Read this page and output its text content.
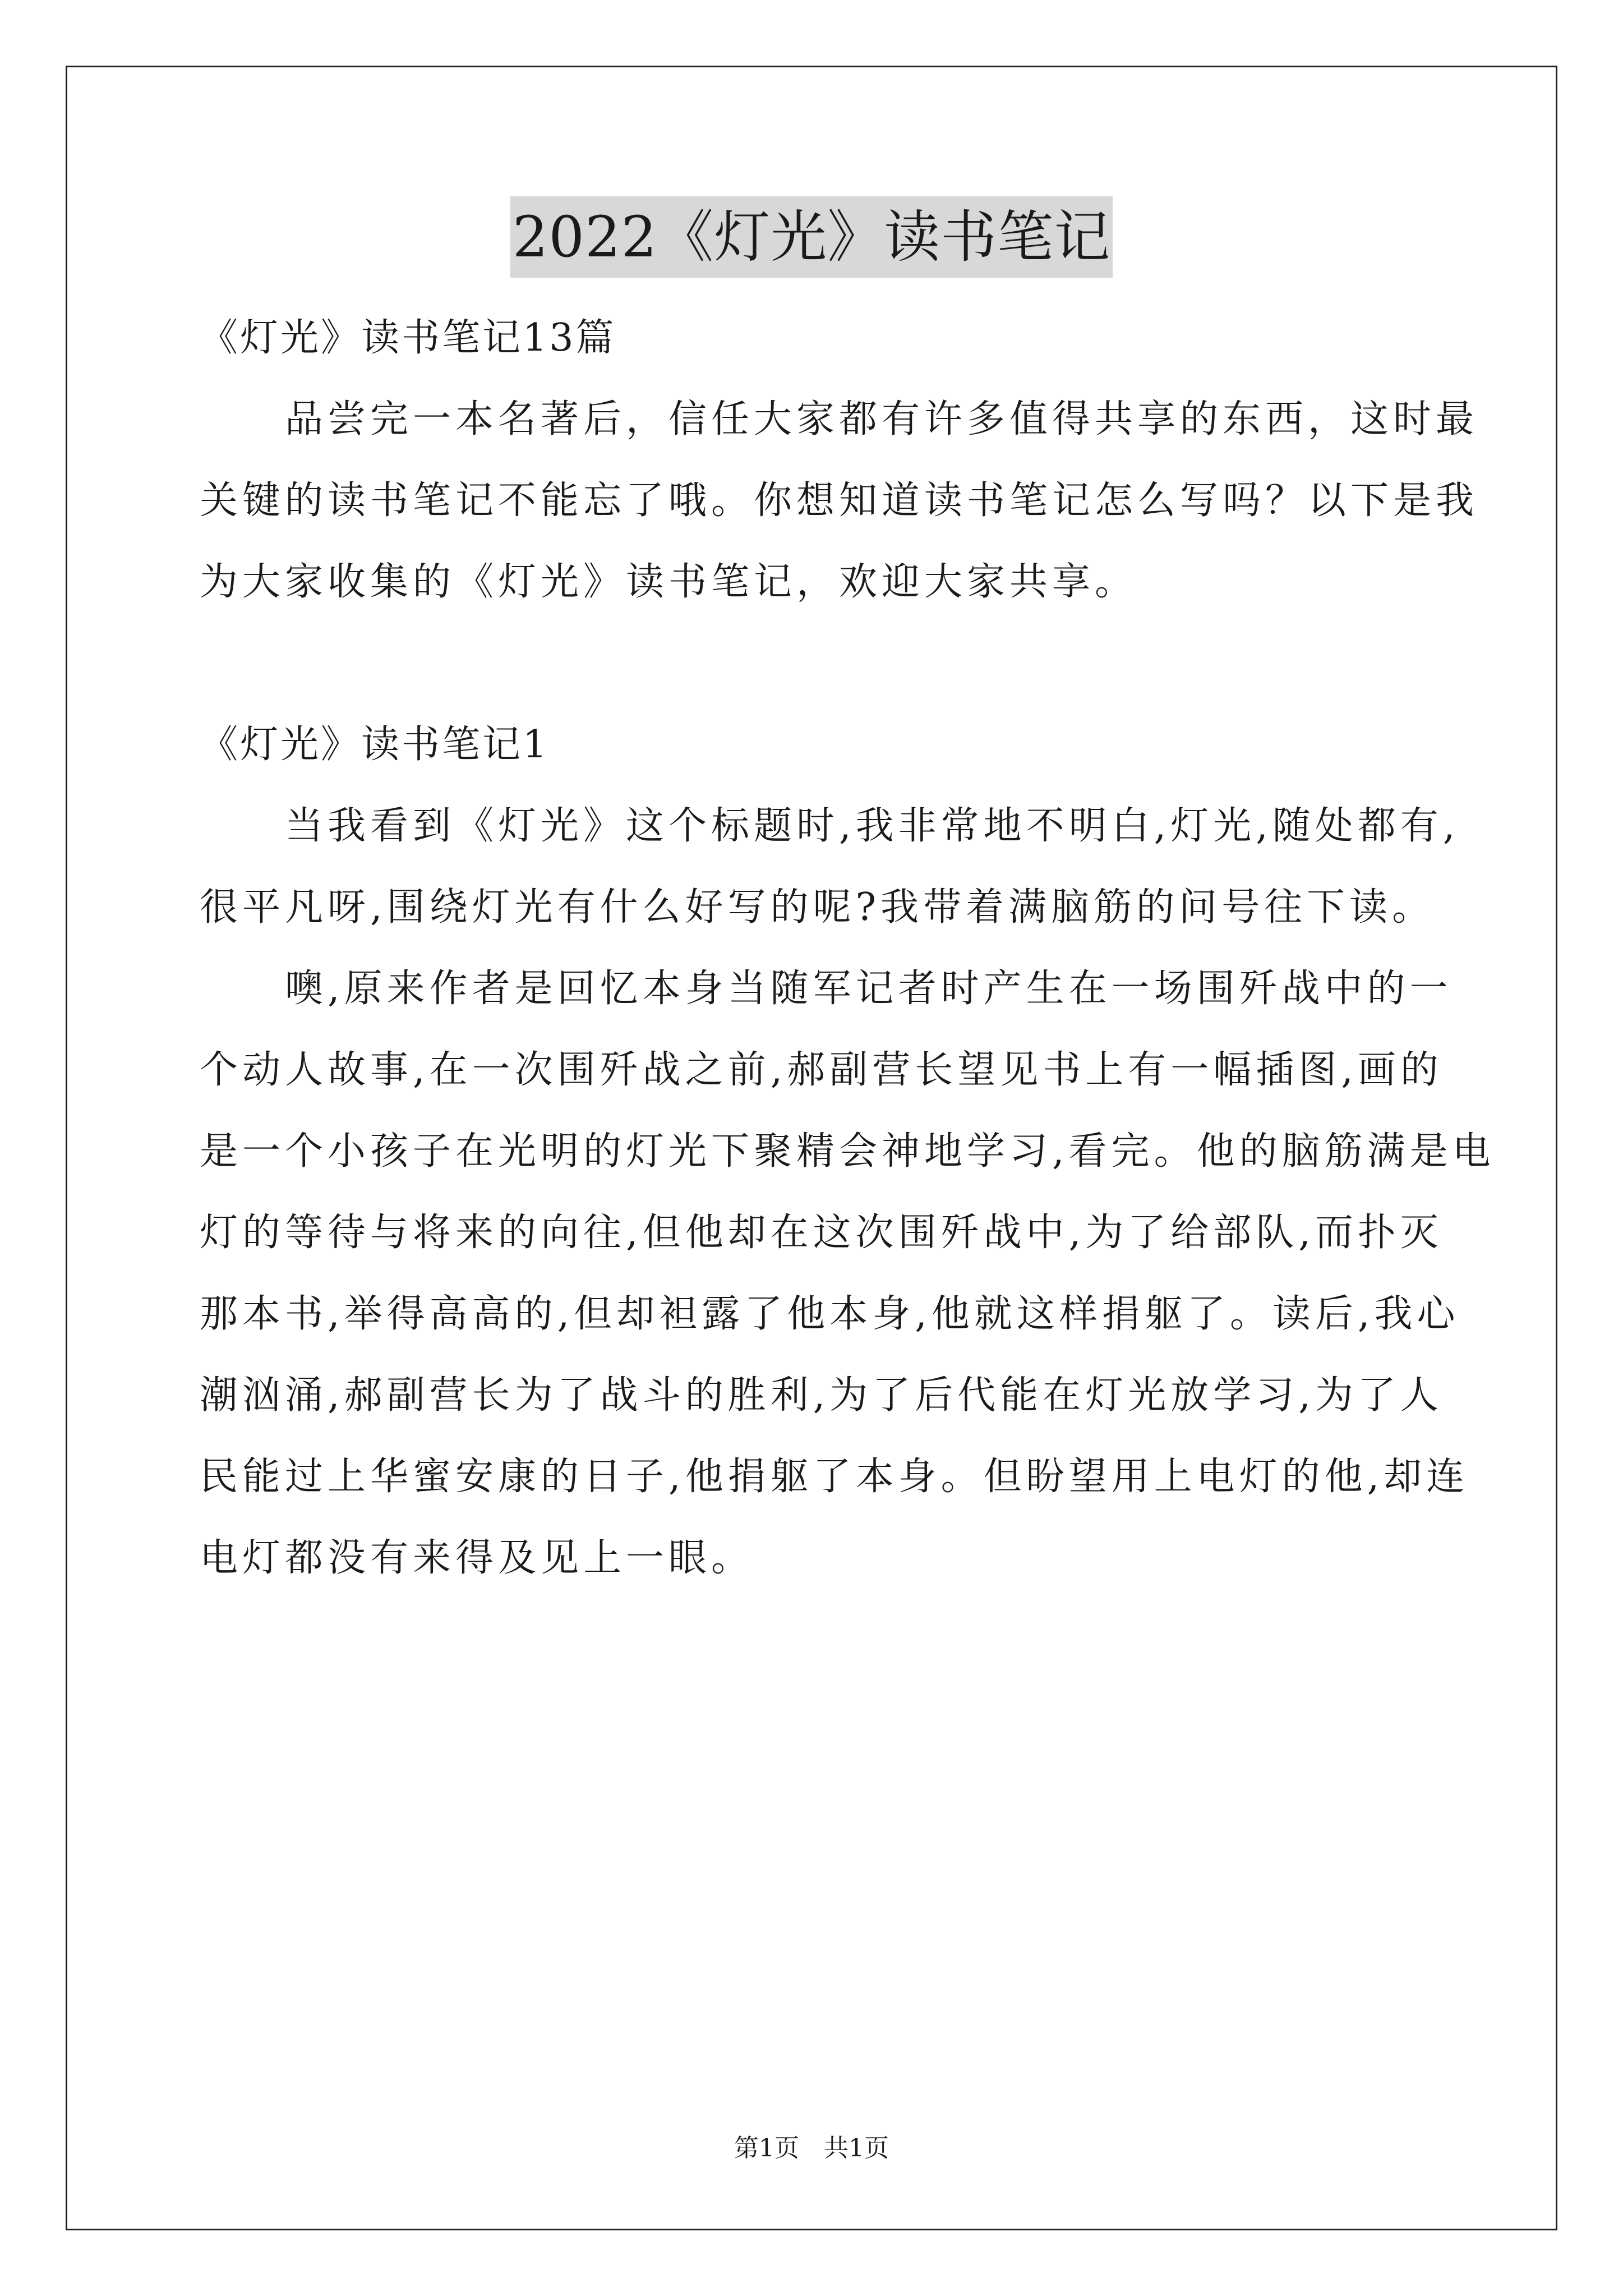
2022《灯光》读书笔记
《灯光》读书笔记13篇
　　品尝完一本名著后，信任大家都有许多值得共享的东西，这时最
关键的读书笔记不能忘了哦。你想知道读书笔记怎么写吗？以下是我
为大家收集的《灯光》读书笔记，欢迎大家共享。
《灯光》读书笔记1
　　当我看到《灯光》这个标题时,我非常地不明白,灯光,随处都有,
很平凡呀,围绕灯光有什么好写的呢?我带着满脑筋的问号往下读。
　　噢,原来作者是回忆本身当随军记者时产生在一场围歼战中的一
个动人故事,在一次围歼战之前,郝副营长望见书上有一幅插图,画的
是一个小孩子在光明的灯光下聚精会神地学习,看完。他的脑筋满是电
灯的等待与将来的向往,但他却在这次围歼战中,为了给部队,而扑灭
那本书,举得高高的,但却袒露了他本身,他就这样捐躯了。读后,我心
潮汹涌,郝副营长为了战斗的胜利,为了后代能在灯光放学习,为了人
民能过上华蜜安康的日子,他捐躯了本身。但盼望用上电灯的他,却连
电灯都没有来得及见上一眼。
第1页　共1页
